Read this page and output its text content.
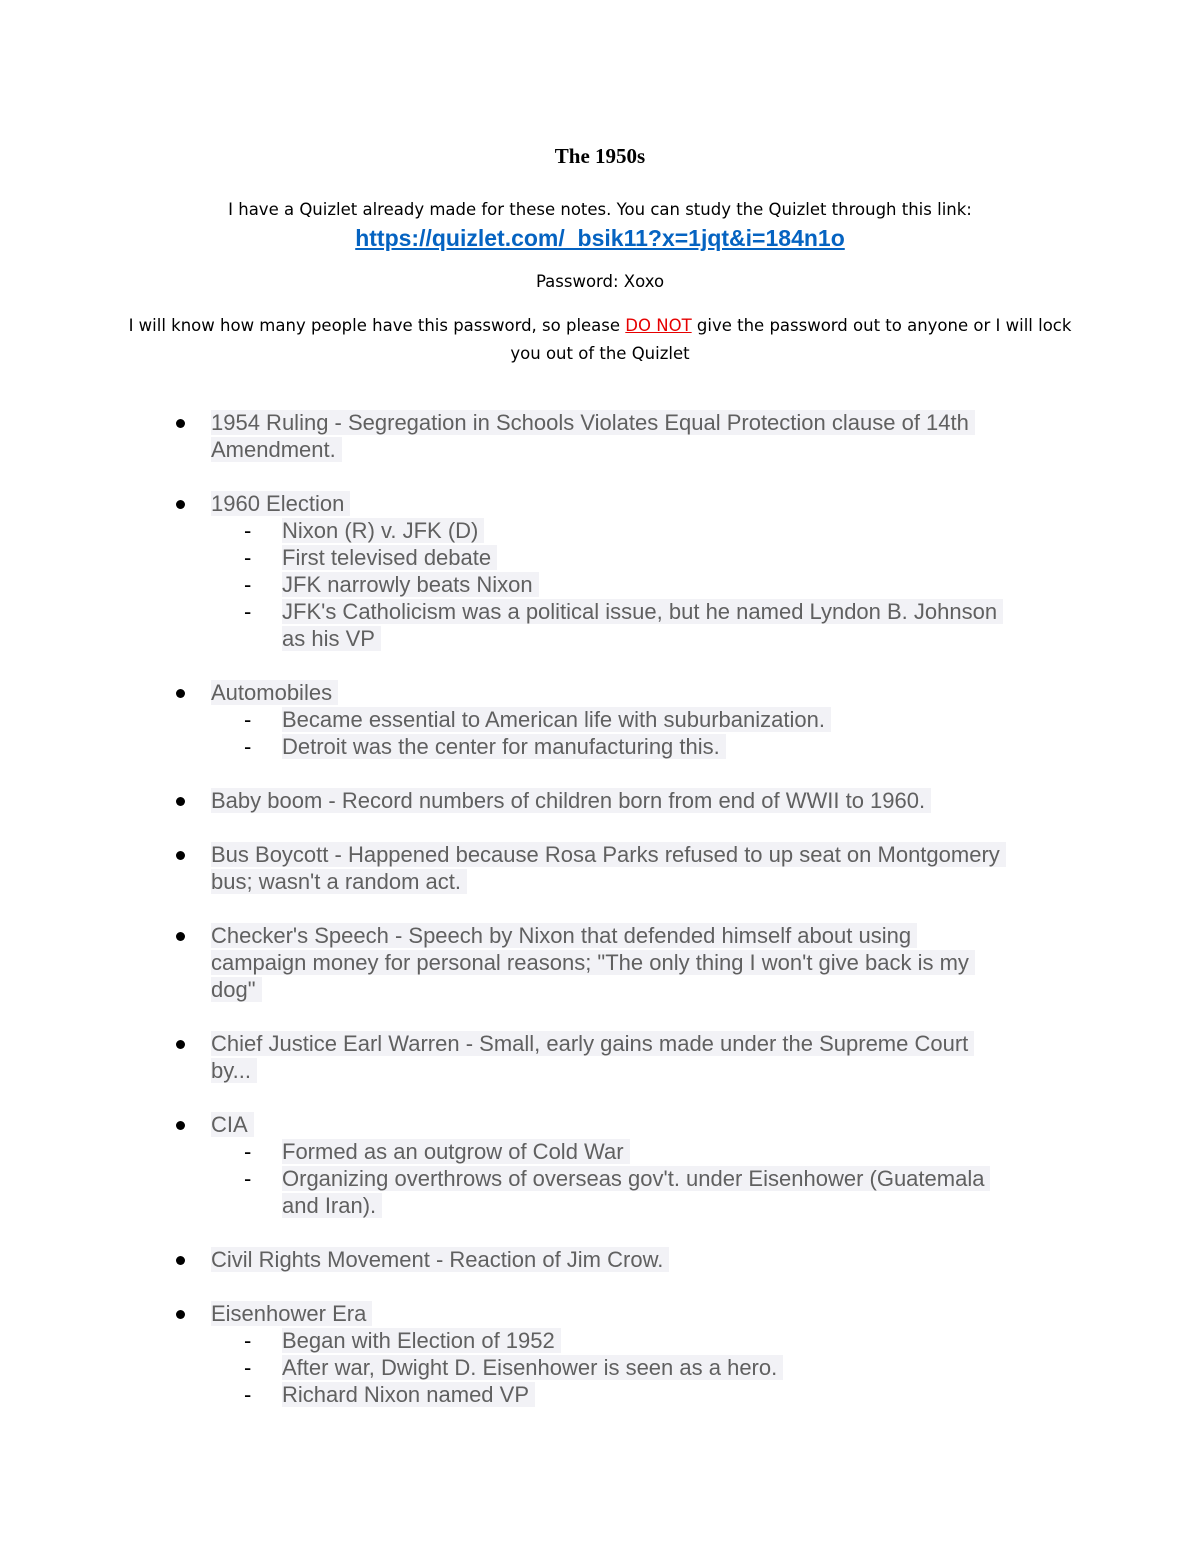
The 1950s
I have a Quizlet already made for these notes. You can study the Quizlet through this link:
https://quizlet.com/_bsik11?x=1jqt&i=184n1o
Password: Xoxo
I will know how many people have this password, so please DO NOT give the password out to anyone or I will lock you out of the Quizlet
1954 Ruling - Segregation in Schools Violates Equal Protection clause of 14th
Amendment.
1960 Election
- Nixon (R) v. JFK (D)
- First televised debate
- JFK narrowly beats Nixon
- JFK's Catholicism was a political issue, but he named Lyndon B. Johnson
as his VP
Automobiles
- Became essential to American life with suburbanization.
- Detroit was the center for manufacturing this.
Baby boom - Record numbers of children born from end of WWII to 1960.
Bus Boycott - Happened because Rosa Parks refused to up seat on Montgomery
bus; wasn't a random act.
Checker's Speech - Speech by Nixon that defended himself about using
campaign money for personal reasons; "The only thing I won't give back is my
dog"
Chief Justice Earl Warren - Small, early gains made under the Supreme Court
by...
CIA
- Formed as an outgrow of Cold War
- Organizing overthrows of overseas gov't. under Eisenhower (Guatemala
and Iran).
Civil Rights Movement - Reaction of Jim Crow.
Eisenhower Era
- Began with Election of 1952
- After war, Dwight D. Eisenhower is seen as a hero.
- Richard Nixon named VP
